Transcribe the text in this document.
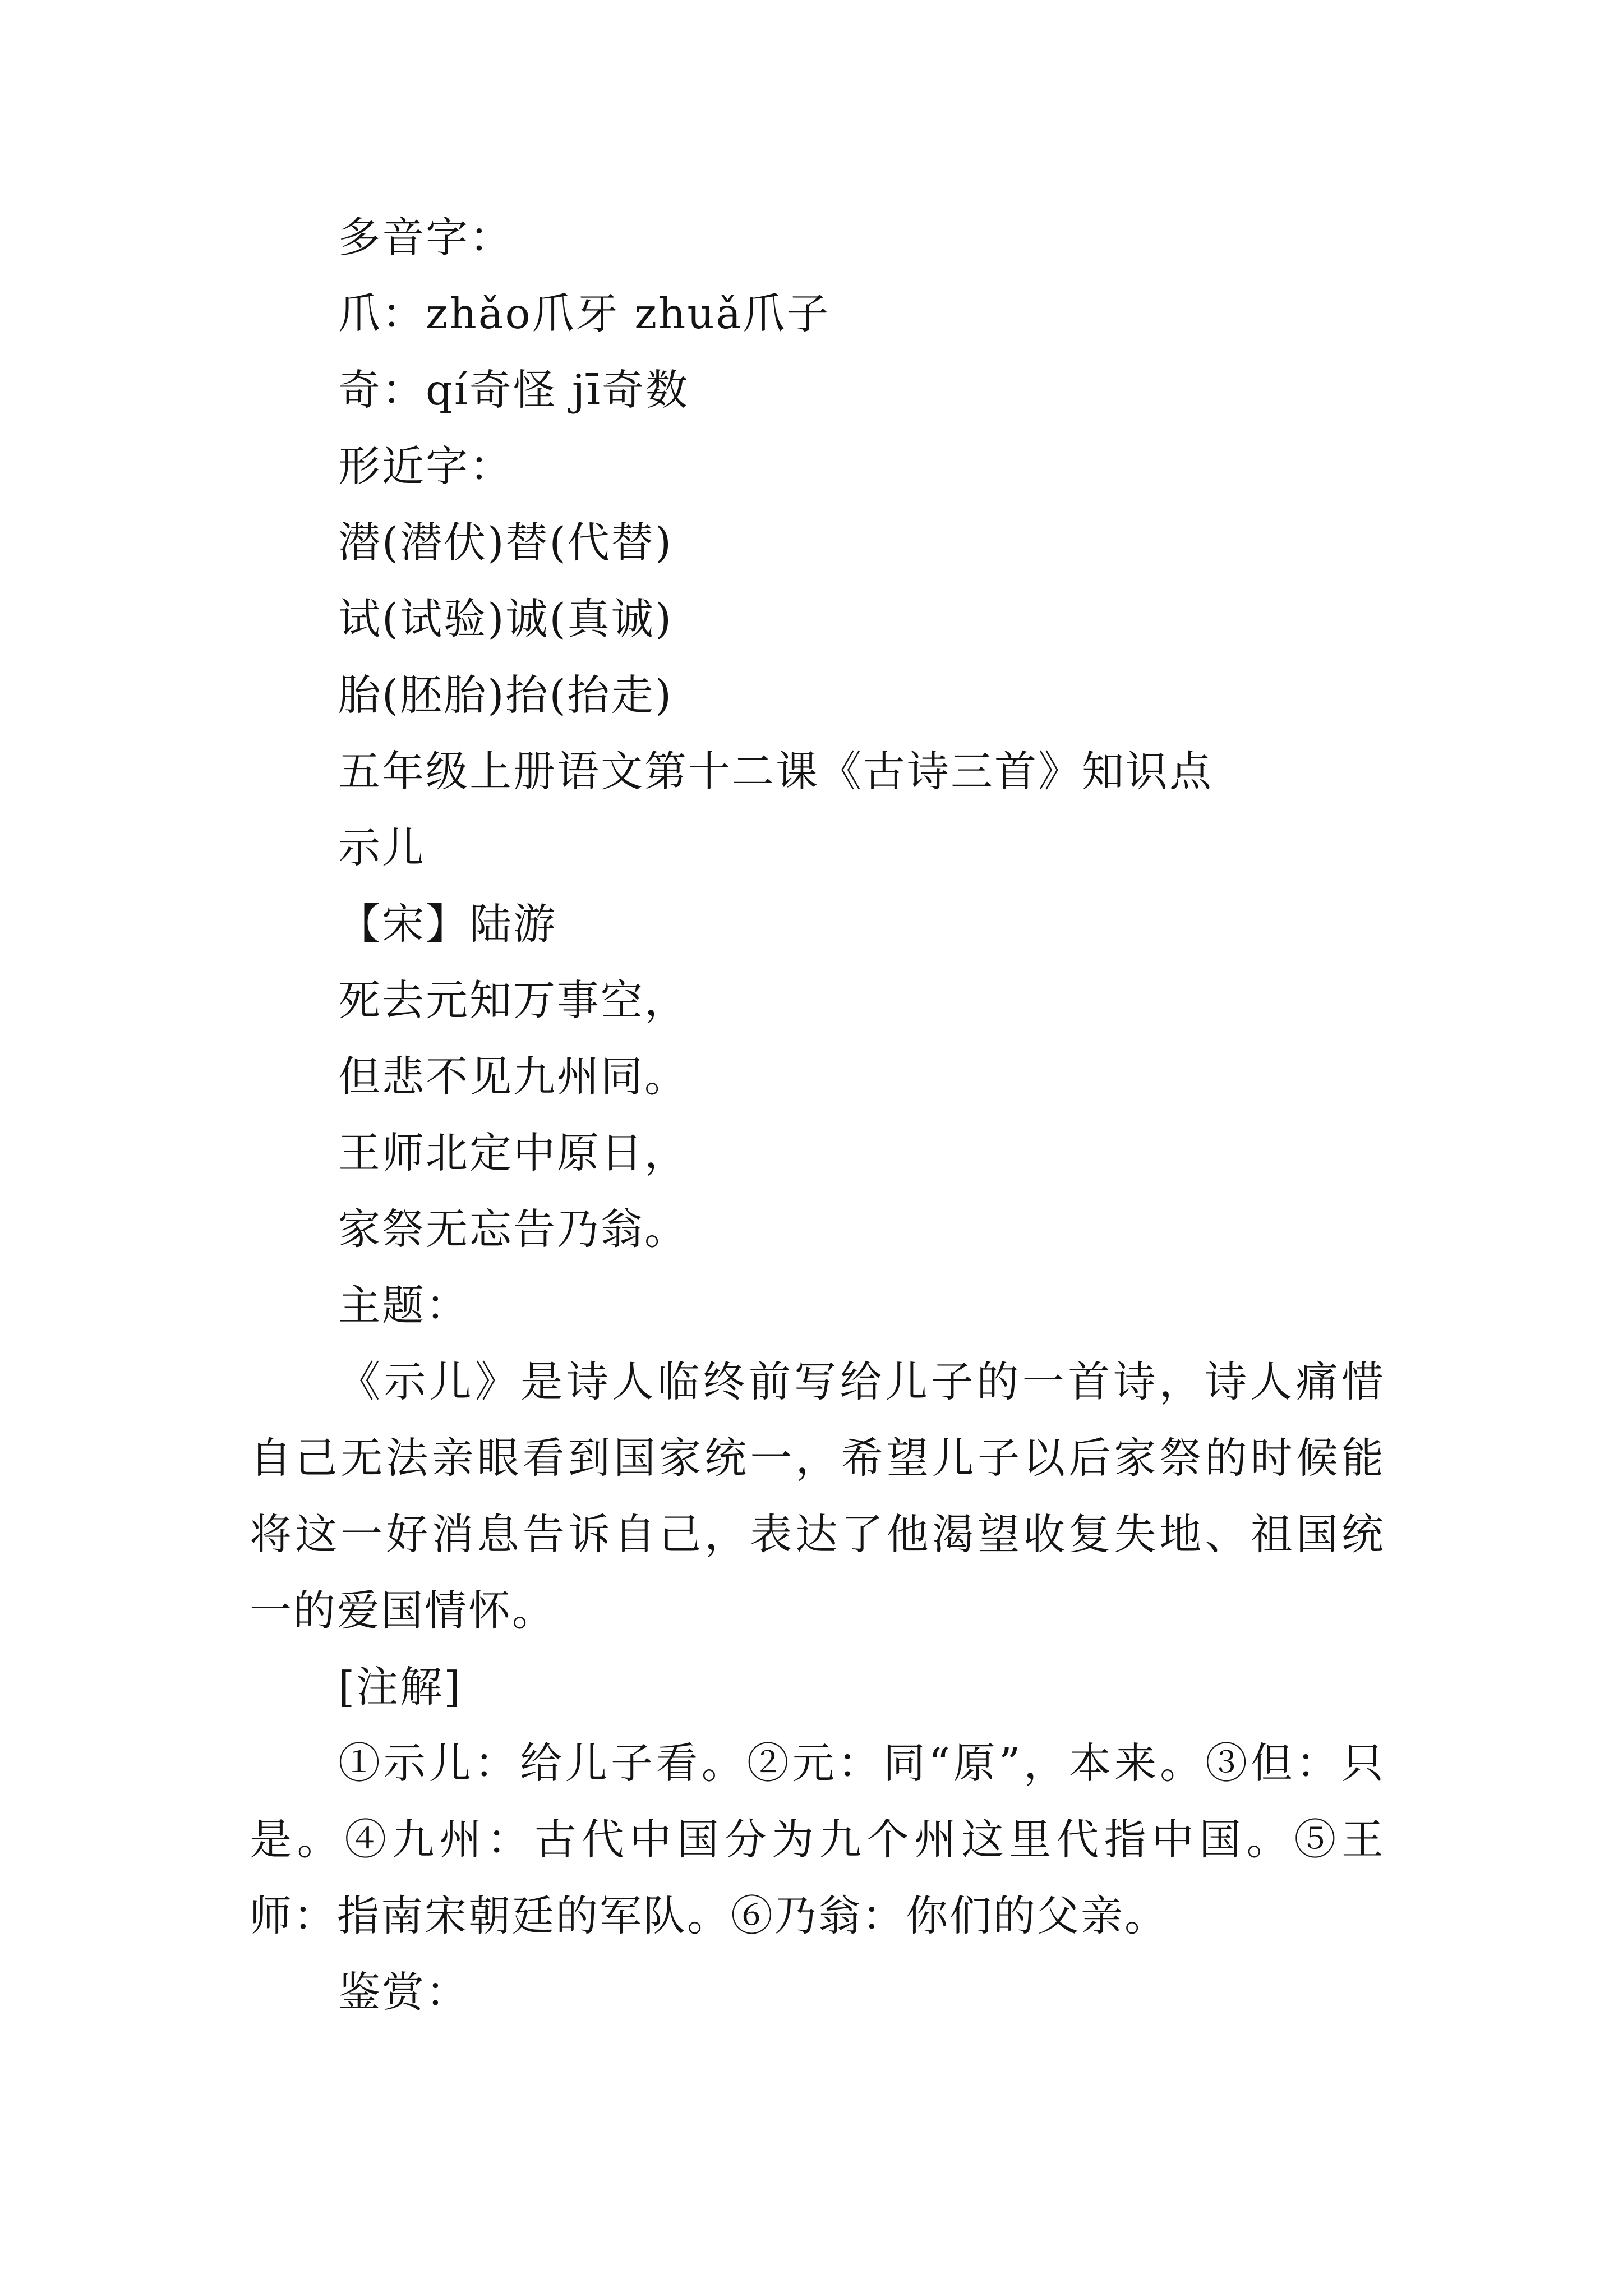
多音字：
爪：zhǎo爪牙 zhuǎ爪子
奇：qí奇怪 jī奇数
形近字：
潜(潜伏)替(代替)
试(试验)诚(真诚)
胎(胚胎)抬(抬走)
五年级上册语文第十二课《古诗三首》知识点
示儿
【宋】陆游
死去元知万事空，
但悲不见九州同。
王师北定中原日，
家祭无忘告乃翁。
主题：

《示儿》是诗人临终前写给儿子的一首诗，诗人痛惜自己无法亲眼看到国家统一，希望儿子以后家祭的时候能将这一好消息告诉自己，表达了他渴望收复失地、祖国统一的爱国情怀。

[注解]

①示儿：给儿子看。②元：同“原”，本来。③但：只是。④九州：古代中国分为九个州这里代指中国。⑤王师：指南宋朝廷的军队。⑥乃翁：你们的父亲。

鉴赏：
